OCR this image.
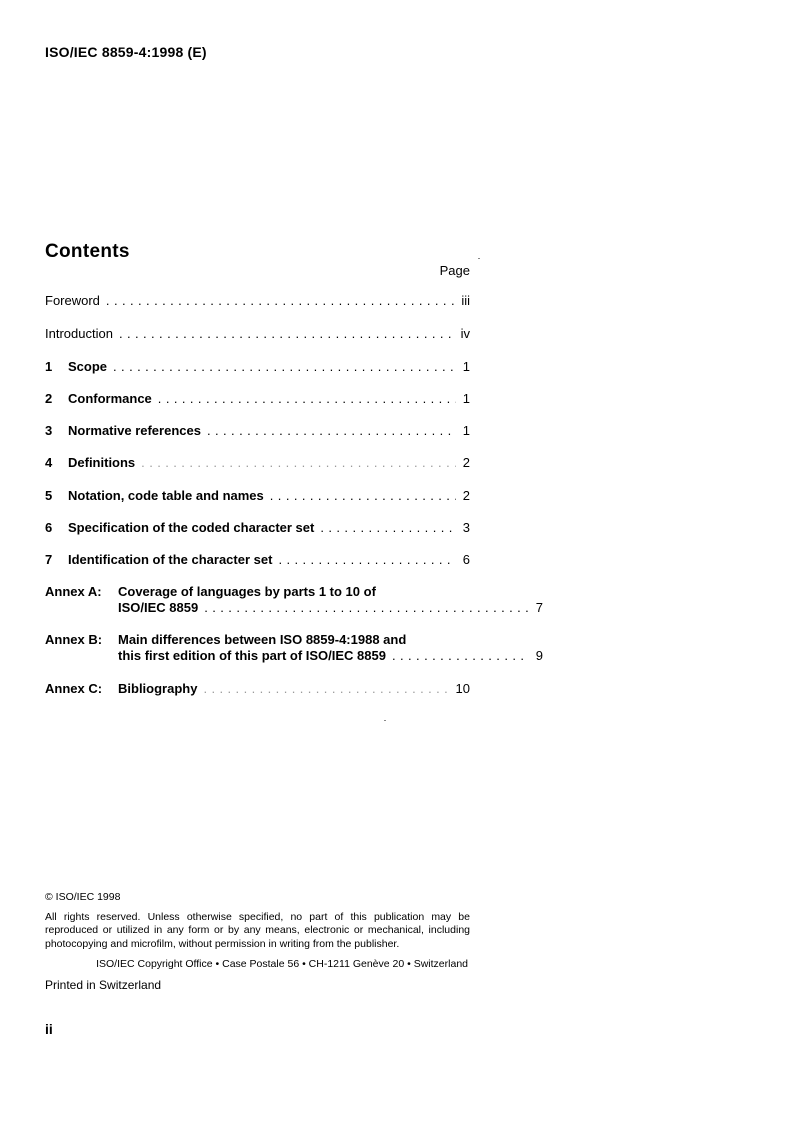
ISO/IEC 8859-4:1998 (E)
Contents
Page
Foreword . . .	iii
Introduction . . .	iv
1	Scope . . .	1
2	Conformance . . .	1
3	Normative references . . .	1
4	Definitions . . .	2
5	Notation, code table and names . . .	2
6	Specification of the coded character set . . .	3
7	Identification of the character set . . .	6
Annex A:	Coverage of languages by parts 1 to 10 of
ISO/IEC 8859 . . .	7
Annex B:	Main differences between ISO 8859-4:1988 and
this first edition of this part of ISO/IEC 8859 . . .	9
Annex C:	Bibliography . . .	10
© ISO/IEC 1998
All rights reserved. Unless otherwise specified, no part of this publication may be reproduced or utilized in any form or by any means, electronic or mechanical, including photocopying and microfilm, without permission in writing from the publisher.
ISO/IEC Copyright Office • Case Postale 56 • CH-1211 Genève 20 • Switzerland
Printed in Switzerland
ii
